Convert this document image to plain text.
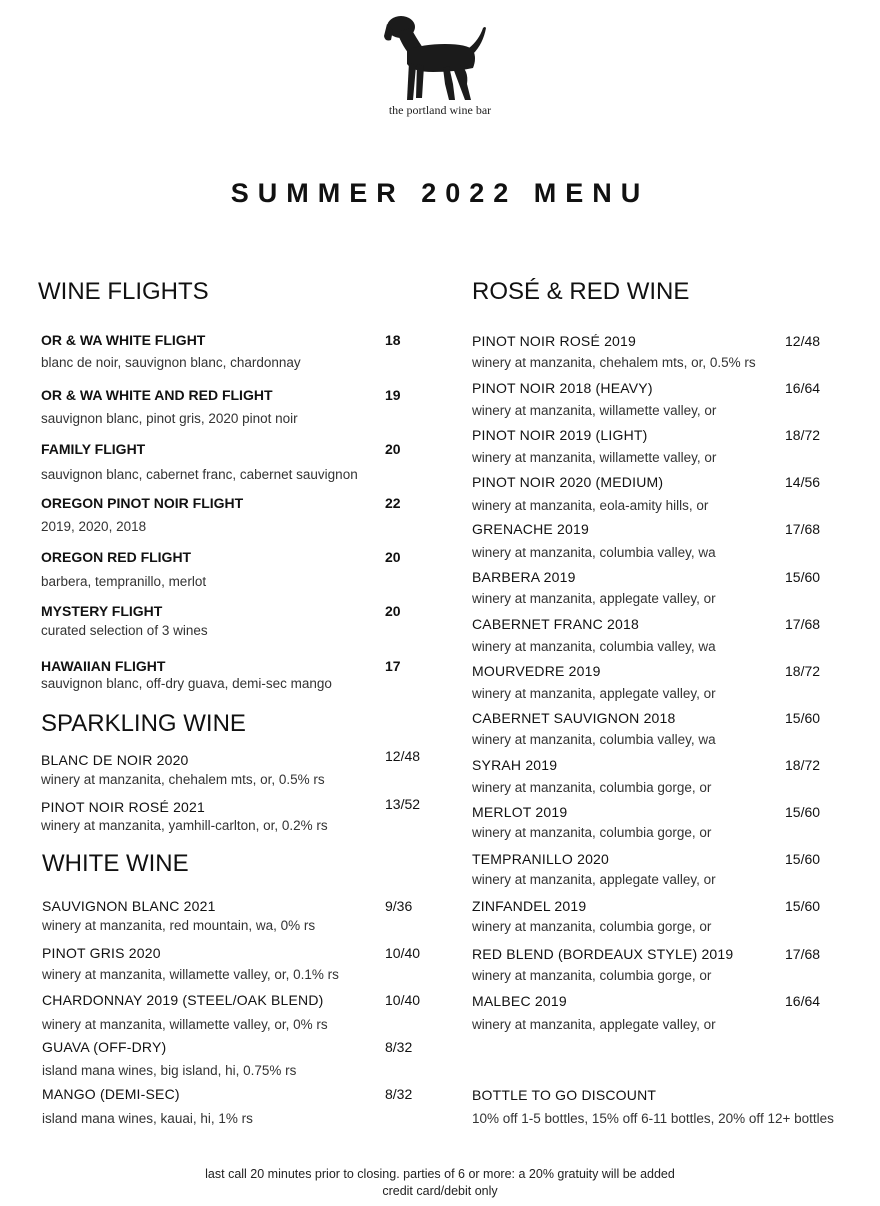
the portland wine bar
SUMMER 2022 MENU
WINE FLIGHTS
OR & WA WHITE FLIGHT	18
blanc de noir, sauvignon blanc, chardonnay
OR & WA WHITE AND RED FLIGHT	19
sauvignon blanc, pinot gris, 2020 pinot noir
FAMILY FLIGHT	20
sauvignon blanc, cabernet franc, cabernet sauvignon
OREGON PINOT NOIR FLIGHT	22
2019, 2020, 2018
OREGON RED FLIGHT	20
barbera, tempranillo, merlot
MYSTERY FLIGHT	20
curated selection of 3 wines
HAWAIIAN FLIGHT	17
sauvignon blanc, off-dry guava, demi-sec mango
SPARKLING WINE
BLANC DE NOIR 2020	12/48
winery at manzanita, chehalem mts, or, 0.5% rs
PINOT NOIR ROSÉ 2021	13/52
winery at manzanita, yamhill-carlton, or, 0.2% rs
WHITE WINE
SAUVIGNON BLANC 2021	9/36
winery at manzanita, red mountain, wa, 0% rs
PINOT GRIS 2020	10/40
winery at manzanita, willamette valley, or, 0.1% rs
CHARDONNAY 2019 (STEEL/OAK BLEND)	10/40
winery at manzanita, willamette valley, or, 0% rs
GUAVA (OFF-DRY)	8/32
island mana wines, big island, hi, 0.75% rs
MANGO (DEMI-SEC)	8/32
island mana wines, kauai, hi, 1% rs
ROSÉ & RED WINE
PINOT NOIR ROSÉ 2019	12/48
winery at manzanita, chehalem mts, or, 0.5% rs
PINOT NOIR 2018 (HEAVY)	16/64
winery at manzanita, willamette valley, or
PINOT NOIR 2019 (LIGHT)	18/72
winery at manzanita, willamette valley, or
PINOT NOIR 2020 (MEDIUM)	14/56
winery at manzanita, eola-amity hills, or
GRENACHE 2019	17/68
winery at manzanita, columbia valley, wa
BARBERA 2019	15/60
winery at manzanita, applegate valley, or
CABERNET FRANC 2018	17/68
winery at manzanita, columbia valley, wa
MOURVEDRE 2019	18/72
winery at manzanita, applegate valley, or
CABERNET SAUVIGNON 2018	15/60
winery at manzanita, columbia valley, wa
SYRAH 2019	18/72
winery at manzanita, columbia gorge, or
MERLOT 2019	15/60
winery at manzanita, columbia gorge, or
TEMPRANILLO 2020	15/60
winery at manzanita, applegate valley, or
ZINFANDEL 2019	15/60
winery at manzanita, columbia gorge, or
RED BLEND (BORDEAUX STYLE) 2019	17/68
winery at manzanita, columbia gorge, or
MALBEC 2019	16/64
winery at manzanita, applegate valley, or
BOTTLE TO GO DISCOUNT
10% off 1-5 bottles, 15% off 6-11 bottles, 20% off 12+ bottles
last call 20 minutes prior to closing. parties of 6 or more: a 20% gratuity will be added
credit card/debit only
